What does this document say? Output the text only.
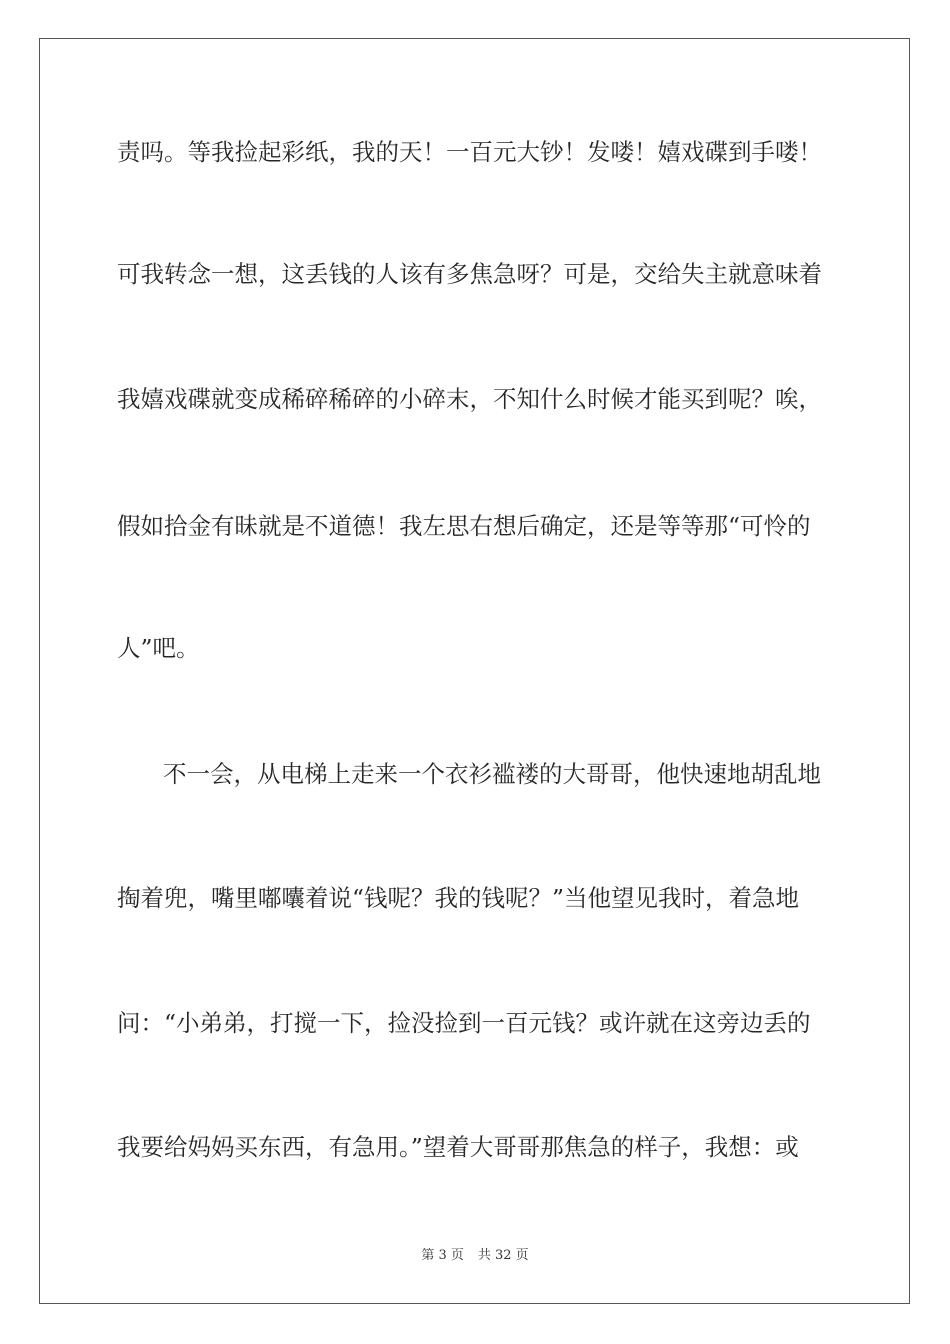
责吗。等我捡起彩纸，我的天！一百元大钞！发喽！嬉戏碟到手喽！
可我转念一想，这丢钱的人该有多焦急呀？可是，交给失主就意味着
我嬉戏碟就变成稀碎稀碎的小碎末，不知什么时候才能买到呢？唉，
假如拾金有昧就是不道德！我左思右想后确定，还是等等那“可怜的
人”吧。
不一会，从电梯上走来一个衣衫褴褛的大哥哥，他快速地胡乱地
掏着兜，嘴里嘟囔着说“钱呢？我的钱呢？”当他望见我时，着急地
问：“小弟弟，打搅一下，捡没捡到一百元钱？或许就在这旁边丢的
我要给妈妈买东西，有急用。”望着大哥哥那焦急的样子，我想：或
第 3 页 共 32 页
